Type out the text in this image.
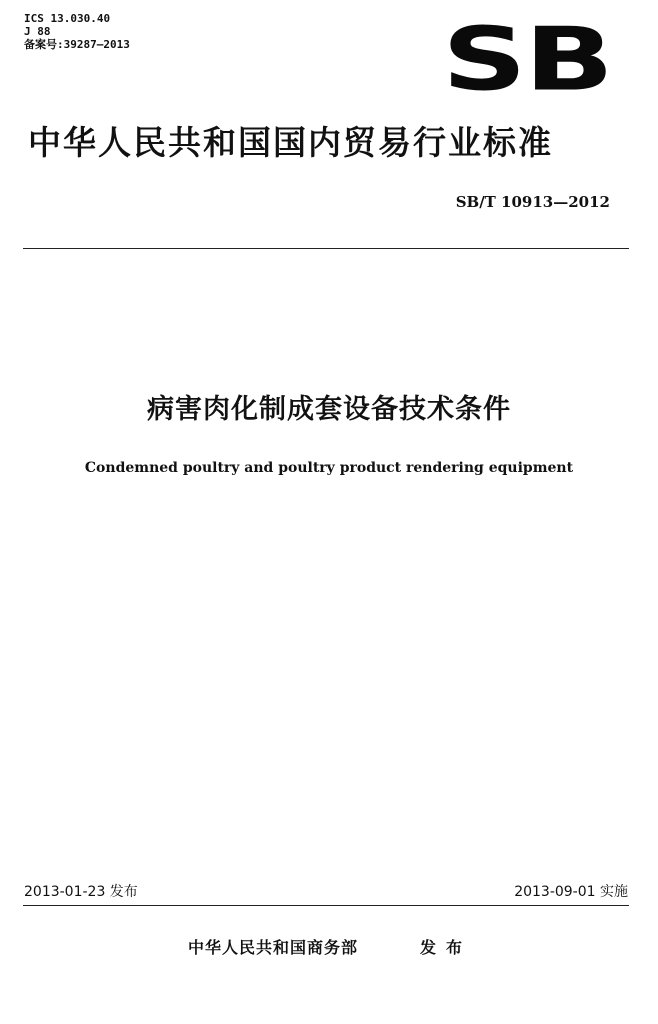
ICS 13.030.40
J 88
备案号:39287—2013	SB
中华人民共和国国内贸易行业标准
SB/T 10913—2012
病害肉化制成套设备技术条件
Condemned poultry and poultry product rendering equipment
2013-01-23 发布	2013-09-01 实施
中华人民共和国商务部	发布
